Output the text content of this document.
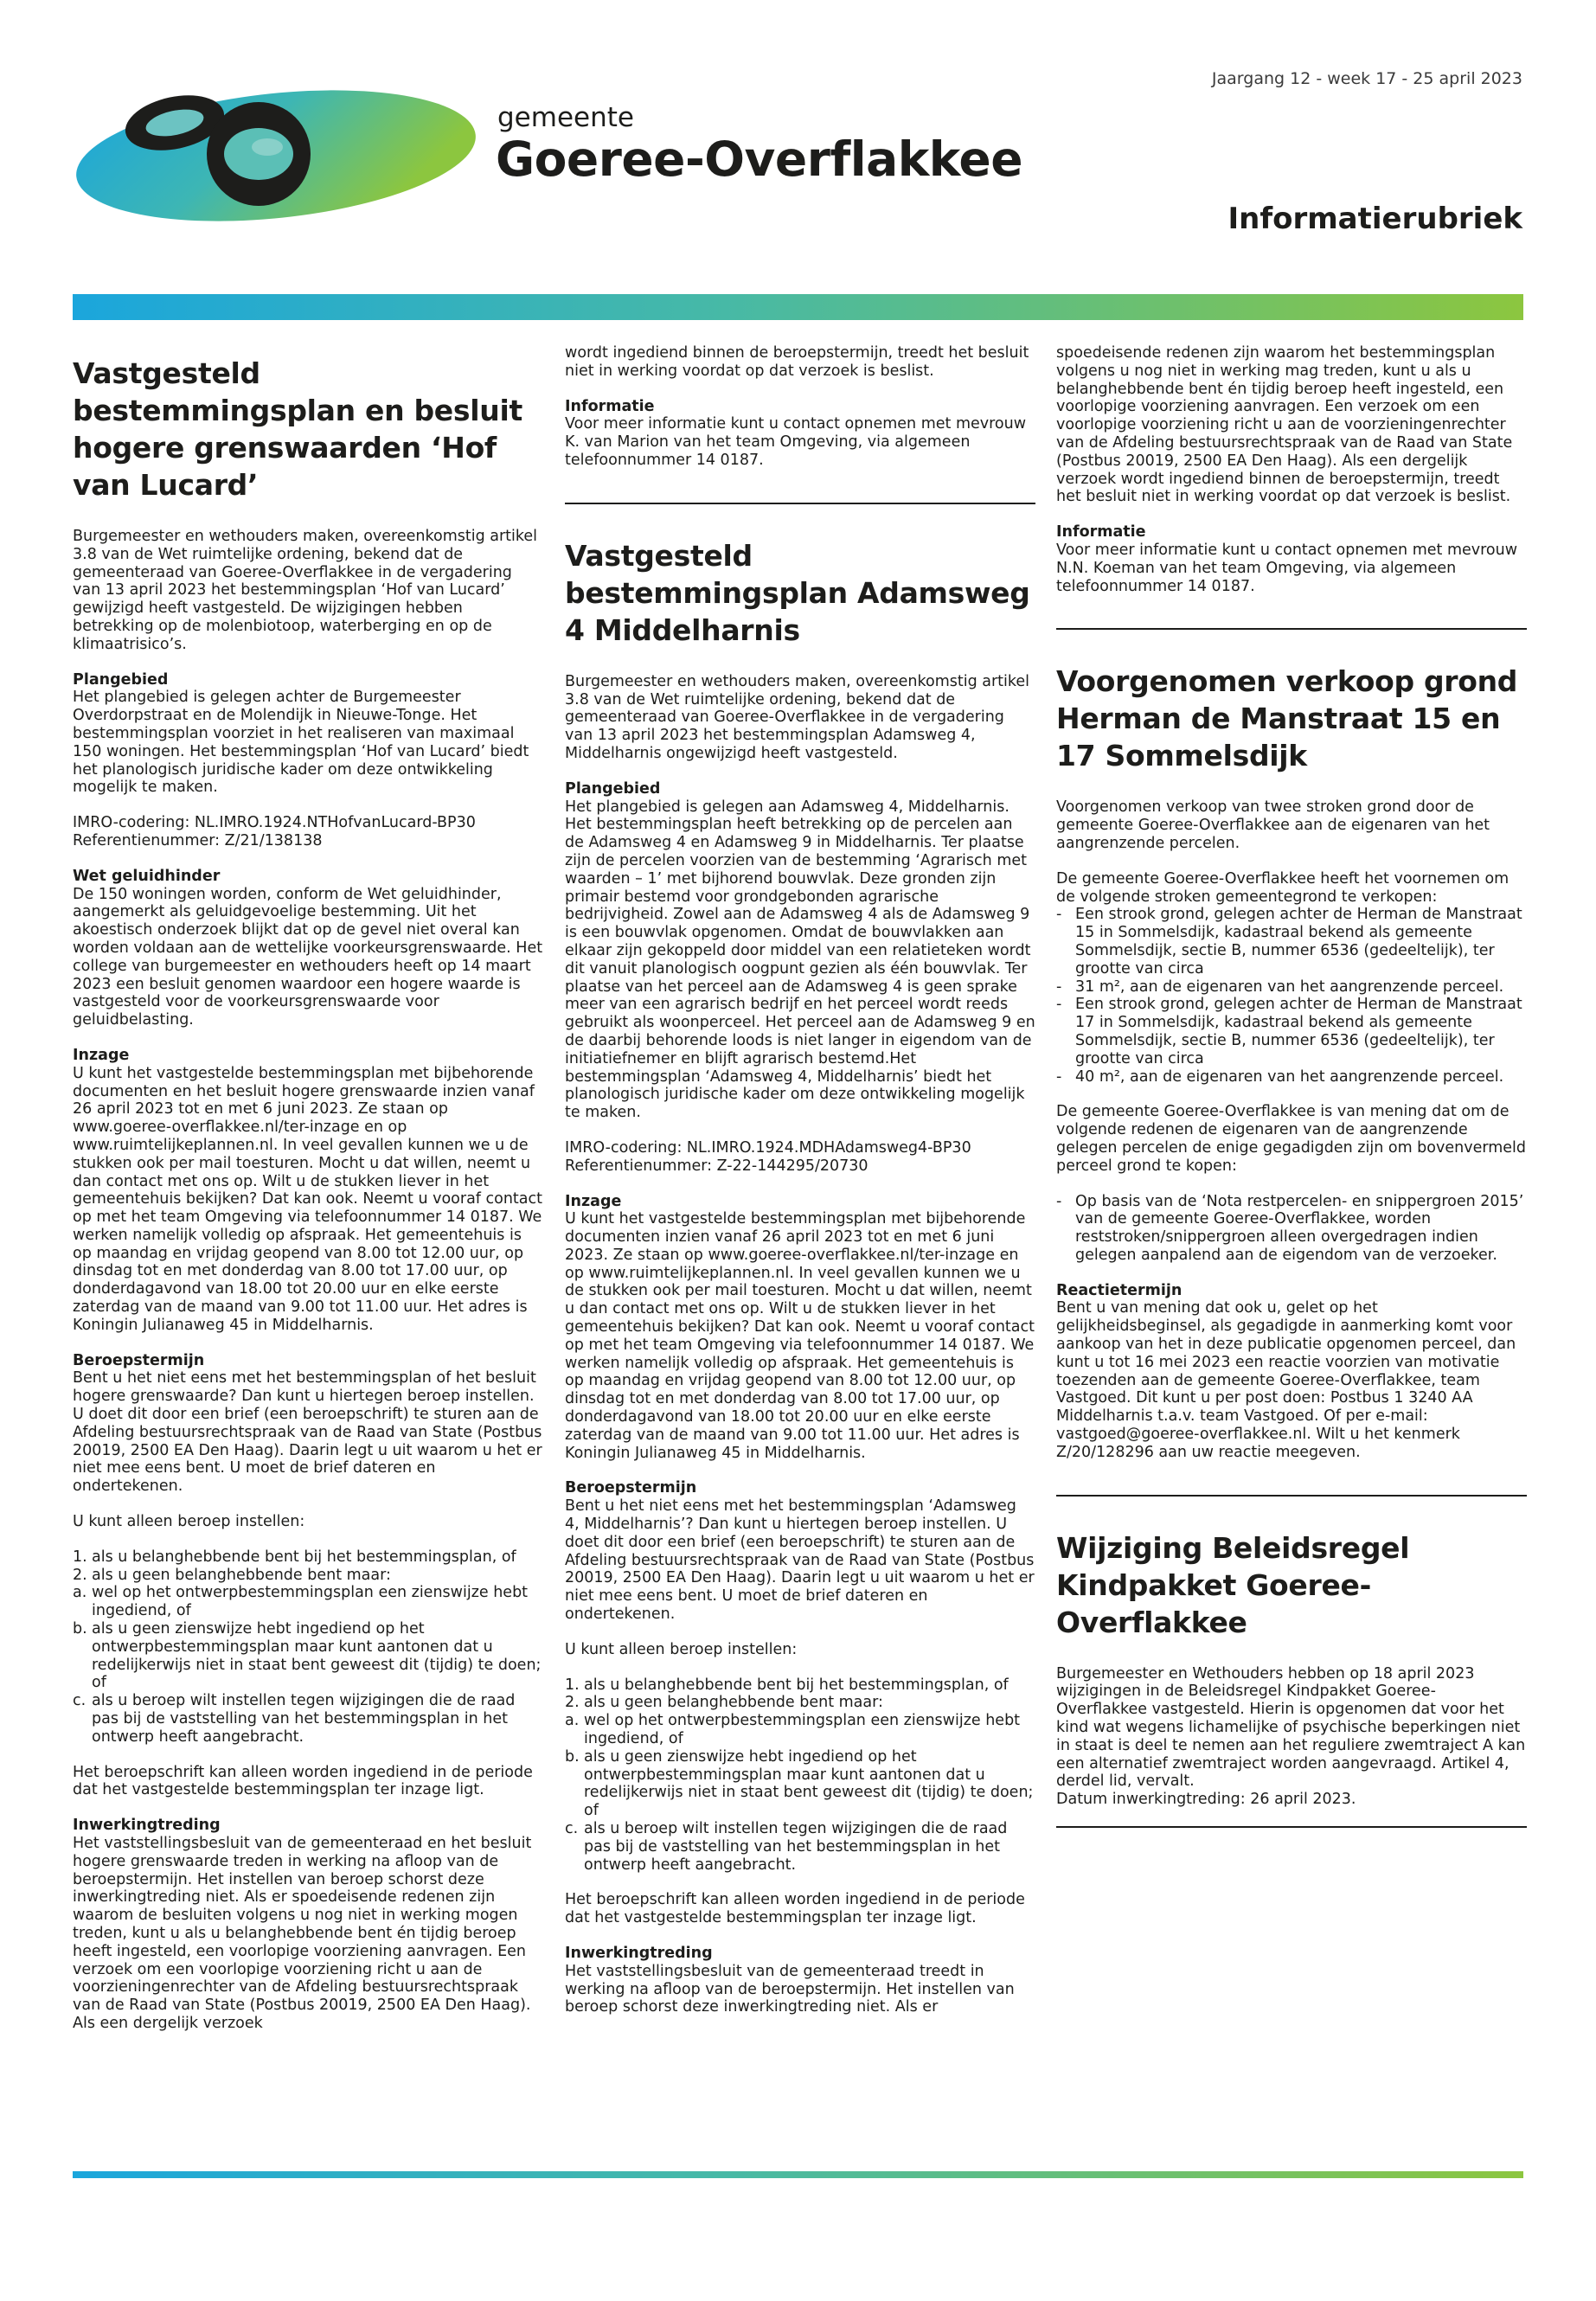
Jaargang 12 - week 17 - 25 april 2023

gemeente
Goeree-Overflakkee
Informatierubriek
Vastgesteld bestemmingsplan en besluit hogere grenswaarden ‘Hof van Lucard’

Burgemeester en wethouders maken, overeenkomstig artikel 3.8 van de Wet ruimtelijke ordening, bekend dat de gemeenteraad van Goeree-Overflakkee in de vergadering van 13 april 2023 het bestemmingsplan ‘Hof van Lucard’ gewijzigd heeft vastgesteld. De wijzigingen hebben betrekking op de molenbiotoop, waterberging en op de klimaatrisico’s.

Plangebied

Het plangebied is gelegen achter de Burgemeester Overdorpstraat en de Molendijk in Nieuwe-Tonge. Het bestemmingsplan voorziet in het realiseren van maximaal 150 woningen. Het bestemmingsplan ‘Hof van Lucard’ biedt het planologisch juridische kader om deze ontwikkeling mogelijk te maken.

IMRO-codering: NL.IMRO.1924.NTHofvanLucard-BP30
Referentienummer: Z/21/138138

Wet geluidhinder

De 150 woningen worden, conform de Wet geluidhinder, aangemerkt als geluidgevoelige bestemming. Uit het akoestisch onderzoek blijkt dat op de gevel niet overal kan worden voldaan aan de wettelijke voorkeursgrenswaarde. Het college van burgemeester en wethouders heeft op 14 maart 2023 een besluit genomen waardoor een hogere waarde is vastgesteld voor de voorkeursgrenswaarde voor geluidbelasting.

Inzage

U kunt het vastgestelde bestemmingsplan met bijbehorende documenten en het besluit hogere grenswaarde inzien vanaf 26 april 2023 tot en met 6 juni 2023. Ze staan op www.goeree-overflakkee.nl/ter-inzage en op www.ruimtelijkeplannen.nl. In veel gevallen kunnen we u de stukken ook per mail toesturen. Mocht u dat willen, neemt u dan contact met ons op. Wilt u de stukken liever in het gemeentehuis bekijken? Dat kan ook. Neemt u vooraf contact op met het team Omgeving via telefoonnummer 14 0187. We werken namelijk volledig op afspraak. Het gemeentehuis is op maandag en vrijdag geopend van 8.00 tot 12.00 uur, op dinsdag tot en met donderdag van 8.00 tot 17.00 uur, op donderdagavond van 18.00 tot 20.00 uur en elke eerste zaterdag van de maand van 9.00 tot 11.00 uur. Het adres is Koningin Julianaweg 45 in Middelharnis.

Beroepstermijn

Bent u het niet eens met het bestemmingsplan of het besluit hogere grenswaarde? Dan kunt u hiertegen beroep instellen. U doet dit door een brief (een beroepschrift) te sturen aan de Afdeling bestuursrechtspraak van de Raad van State (Postbus 20019, 2500 EA Den Haag). Daarin legt u uit waarom u het er niet mee eens bent. U moet de brief dateren en ondertekenen.

U kunt alleen beroep instellen:

1. als u belanghebbende bent bij het bestemmingsplan, of
2. als u geen belanghebbende bent maar:
a. wel op het ontwerpbestemmingsplan een zienswijze hebt ingediend, of
b. als u geen zienswijze hebt ingediend op het ontwerpbestemmingsplan maar kunt aantonen dat u redelijkerwijs niet in staat bent geweest dit (tijdig) te doen; of
c. als u beroep wilt instellen tegen wijzigingen die de raad pas bij de vaststelling van het bestemmingsplan in het ontwerp heeft aangebracht.

Het beroepschrift kan alleen worden ingediend in de periode dat het vastgestelde bestemmingsplan ter inzage ligt.

Inwerkingtreding

Het vaststellingsbesluit van de gemeenteraad en het besluit hogere grenswaarde treden in werking na afloop van de beroepstermijn. Het instellen van beroep schorst deze inwerkingtreding niet. Als er spoedeisende redenen zijn waarom de besluiten volgens u nog niet in werking mogen treden, kunt u als u belanghebbende bent én tijdig beroep heeft ingesteld, een voorlopige voorziening aanvragen. Een verzoek om een voorlopige voorziening richt u aan de voorzieningenrechter van de Afdeling bestuursrechtspraak van de Raad van State (Postbus 20019, 2500 EA Den Haag). Als een dergelijk verzoek

wordt ingediend binnen de beroepstermijn, treedt het besluit niet in werking voordat op dat verzoek is beslist.

Informatie

Voor meer informatie kunt u contact opnemen met mevrouw K. van Marion van het team Omgeving, via algemeen telefoonnummer 14 0187.

Vastgesteld bestemmingsplan Adamsweg 4 Middelharnis

Burgemeester en wethouders maken, overeenkomstig artikel 3.8 van de Wet ruimtelijke ordening, bekend dat de gemeenteraad van Goeree-Overflakkee in de vergadering van 13 april 2023 het bestemmingsplan Adamsweg 4, Middelharnis ongewijzigd heeft vastgesteld.

Plangebied

Het plangebied is gelegen aan Adamsweg 4, Middelharnis. Het bestemmingsplan heeft betrekking op de percelen aan de Adamsweg 4 en Adamsweg 9 in Middelharnis. Ter plaatse zijn de percelen voorzien van de bestemming ‘Agrarisch met waarden – 1’ met bijhorend bouwvlak. Deze gronden zijn primair bestemd voor grondgebonden agrarische bedrijvigheid. Zowel aan de Adamsweg 4 als de Adamsweg 9 is een bouwvlak opgenomen. Omdat de bouwvlakken aan elkaar zijn gekoppeld door middel van een relatieteken wordt dit vanuit planologisch oogpunt gezien als één bouwvlak. Ter plaatse van het perceel aan de Adamsweg 4 is geen sprake meer van een agrarisch bedrijf en het perceel wordt reeds gebruikt als woonperceel. Het perceel aan de Adamsweg 9 en de daarbij behorende loods is niet langer in eigendom van de initiatiefnemer en blijft agrarisch bestemd.Het bestemmingsplan ‘Adamsweg 4, Middelharnis’ biedt het planologisch juridische kader om deze ontwikkeling mogelijk te maken.

IMRO-codering: NL.IMRO.1924.MDHAdamsweg4-BP30
Referentienummer: Z-22-144295/20730

Inzage

U kunt het vastgestelde bestemmingsplan met bijbehorende documenten inzien vanaf 26 april 2023 tot en met 6 juni 2023. Ze staan op www.goeree-overflakkee.nl/ter-inzage en op www.ruimtelijkeplannen.nl. In veel gevallen kunnen we u de stukken ook per mail toesturen. Mocht u dat willen, neemt u dan contact met ons op. Wilt u de stukken liever in het gemeentehuis bekijken? Dat kan ook. Neemt u vooraf contact op met het team Omgeving via telefoonnummer 14 0187. We werken namelijk volledig op afspraak. Het gemeentehuis is op maandag en vrijdag geopend van 8.00 tot 12.00 uur, op dinsdag tot en met donderdag van 8.00 tot 17.00 uur, op donderdagavond van 18.00 tot 20.00 uur en elke eerste zaterdag van de maand van 9.00 tot 11.00 uur. Het adres is Koningin Julianaweg 45 in Middelharnis.

Beroepstermijn

Bent u het niet eens met het bestemmingsplan ‘Adamsweg 4, Middelharnis’? Dan kunt u hiertegen beroep instellen. U doet dit door een brief (een beroepschrift) te sturen aan de Afdeling bestuursrechtspraak van de Raad van State (Postbus 20019, 2500 EA Den Haag). Daarin legt u uit waarom u het er niet mee eens bent. U moet de brief dateren en ondertekenen.

U kunt alleen beroep instellen:

1. als u belanghebbende bent bij het bestemmingsplan, of
2. als u geen belanghebbende bent maar:
a. wel op het ontwerpbestemmingsplan een zienswijze hebt ingediend, of
b. als u geen zienswijze hebt ingediend op het ontwerpbestemmingsplan maar kunt aantonen dat u redelijkerwijs niet in staat bent geweest dit (tijdig) te doen; of
c. als u beroep wilt instellen tegen wijzigingen die de raad pas bij de vaststelling van het bestemmingsplan in het ontwerp heeft aangebracht.

Het beroepschrift kan alleen worden ingediend in de periode dat het vastgestelde bestemmingsplan ter inzage ligt.

Inwerkingtreding

Het vaststellingsbesluit van de gemeenteraad treedt in werking na afloop van de beroepstermijn. Het instellen van beroep schorst deze inwerkingtreding niet. Als er

spoedeisende redenen zijn waarom het bestemmingsplan volgens u nog niet in werking mag treden, kunt u als u belanghebbende bent én tijdig beroep heeft ingesteld, een voorlopige voorziening aanvragen. Een verzoek om een voorlopige voorziening richt u aan de voorzieningenrechter van de Afdeling bestuursrechtspraak van de Raad van State (Postbus 20019, 2500 EA Den Haag). Als een dergelijk verzoek wordt ingediend binnen de beroepstermijn, treedt het besluit niet in werking voordat op dat verzoek is beslist.

Informatie

Voor meer informatie kunt u contact opnemen met mevrouw N.N. Koeman van het team Omgeving, via algemeen telefoonnummer 14 0187.

Voorgenomen verkoop grond Herman de Manstraat 15 en 17 Sommelsdijk

Voorgenomen verkoop van twee stroken grond door de gemeente Goeree-Overflakkee aan de eigenaren van het aangrenzende percelen.

De gemeente Goeree-Overflakkee heeft het voornemen om de volgende stroken gemeentegrond te verkopen:

- Een strook grond, gelegen achter de Herman de Manstraat 15 in Sommelsdijk, kadastraal bekend als gemeente Sommelsdijk, sectie B, nummer 6536 (gedeeltelijk), ter grootte van circa
- 31 m², aan de eigenaren van het aangrenzende perceel.
- Een strook grond, gelegen achter de Herman de Manstraat 17 in Sommelsdijk, kadastraal bekend als gemeente Sommelsdijk, sectie B, nummer 6536 (gedeeltelijk), ter grootte van circa
- 40 m², aan de eigenaren van het aangrenzende perceel.

De gemeente Goeree-Overflakkee is van mening dat om de volgende redenen de eigenaren van de aangrenzende gelegen percelen de enige gegadigden zijn om bovenvermeld perceel grond te kopen:

- Op basis van de ‘Nota restpercelen- en snippergroen 2015’ van de gemeente Goeree-Overflakkee, worden reststroken/snippergroen alleen overgedragen indien gelegen aanpalend aan de eigendom van de verzoeker.
Reactietermijn

Bent u van mening dat ook u, gelet op het gelijkheidsbeginsel, als gegadigde in aanmerking komt voor aankoop van het in deze publicatie opgenomen perceel, dan kunt u tot 16 mei 2023 een reactie voorzien van motivatie toezenden aan de gemeente Goeree-Overflakkee, team Vastgoed. Dit kunt u per post doen: Postbus 1 3240 AA Middelharnis t.a.v. team Vastgoed. Of per e-mail: vastgoed@goeree-overflakkee.nl. Wilt u het kenmerk Z/20/128296 aan uw reactie meegeven.

Wijziging Beleidsregel Kindpakket Goeree-Overflakkee

Burgemeester en Wethouders hebben op 18 april 2023 wijzigingen in de Beleidsregel Kindpakket Goeree-Overflakkee vastgesteld. Hierin is opgenomen dat voor het kind wat wegens lichamelijke of psychische beperkingen niet in staat is deel te nemen aan het reguliere zwemtraject A kan een alternatief zwemtraject worden aangevraagd. Artikel 4, derdel lid, vervalt.
Datum inwerkingtreding: 26 april 2023.
